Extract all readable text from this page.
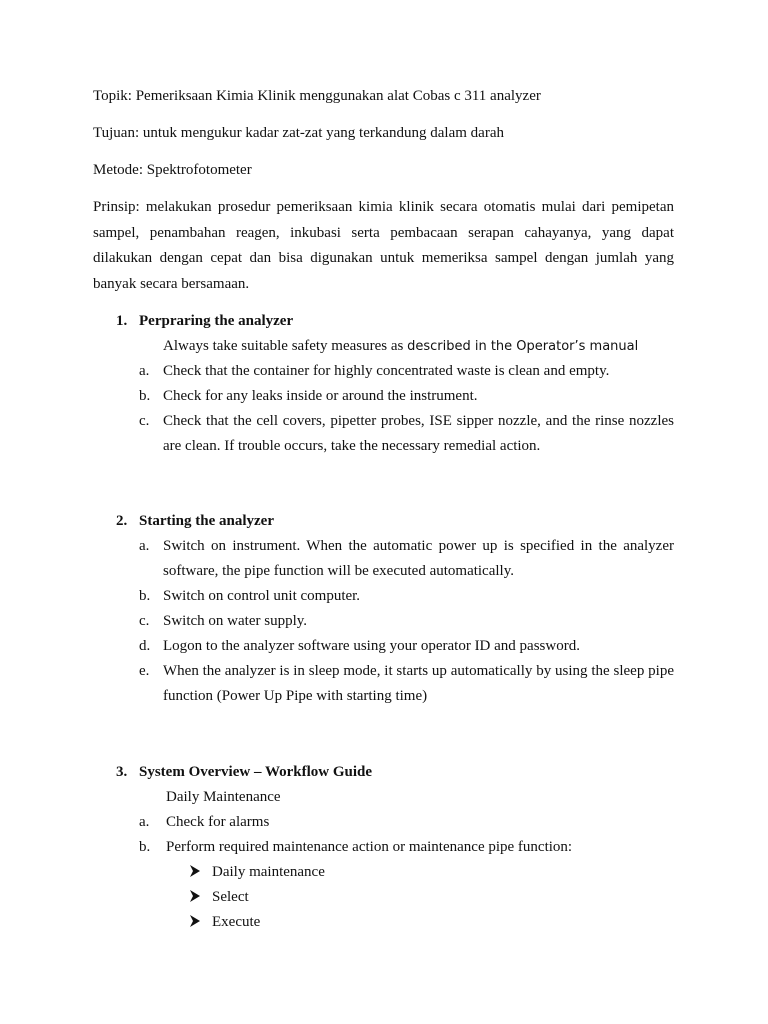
Topik: Pemeriksaan Kimia Klinik menggunakan alat Cobas c 311 analyzer
Tujuan: untuk mengukur kadar zat-zat yang terkandung dalam darah
Metode: Spektrofotometer
Prinsip: melakukan prosedur pemeriksaan kimia klinik secara otomatis mulai dari pemipetan sampel, penambahan reagen, inkubasi serta pembacaan serapan cahayanya, yang dapat dilakukan dengan cepat dan bisa digunakan untuk memeriksa sampel dengan jumlah yang banyak secara bersamaan.
1. Perpraring the analyzer
Always take suitable safety measures as described in the Operator’s manual
a. Check that the container for highly concentrated waste is clean and empty.
b. Check for any leaks inside or around the instrument.
c. Check that the cell covers, pipetter probes, ISE sipper nozzle, and the rinse nozzles are clean. If trouble occurs, take the necessary remedial action.
2. Starting the analyzer
a. Switch on instrument. When the automatic power up is specified in the analyzer software, the pipe function will be executed automatically.
b. Switch on control unit computer.
c. Switch on water supply.
d. Logon to the analyzer software using your operator ID and password.
e. When the analyzer is in sleep mode, it starts up automatically by using the sleep pipe function (Power Up Pipe with starting time)
3. System Overview – Workflow Guide
Daily Maintenance
a. Check for alarms
b. Perform required maintenance action or maintenance pipe function:
Daily maintenance
Select
Execute
